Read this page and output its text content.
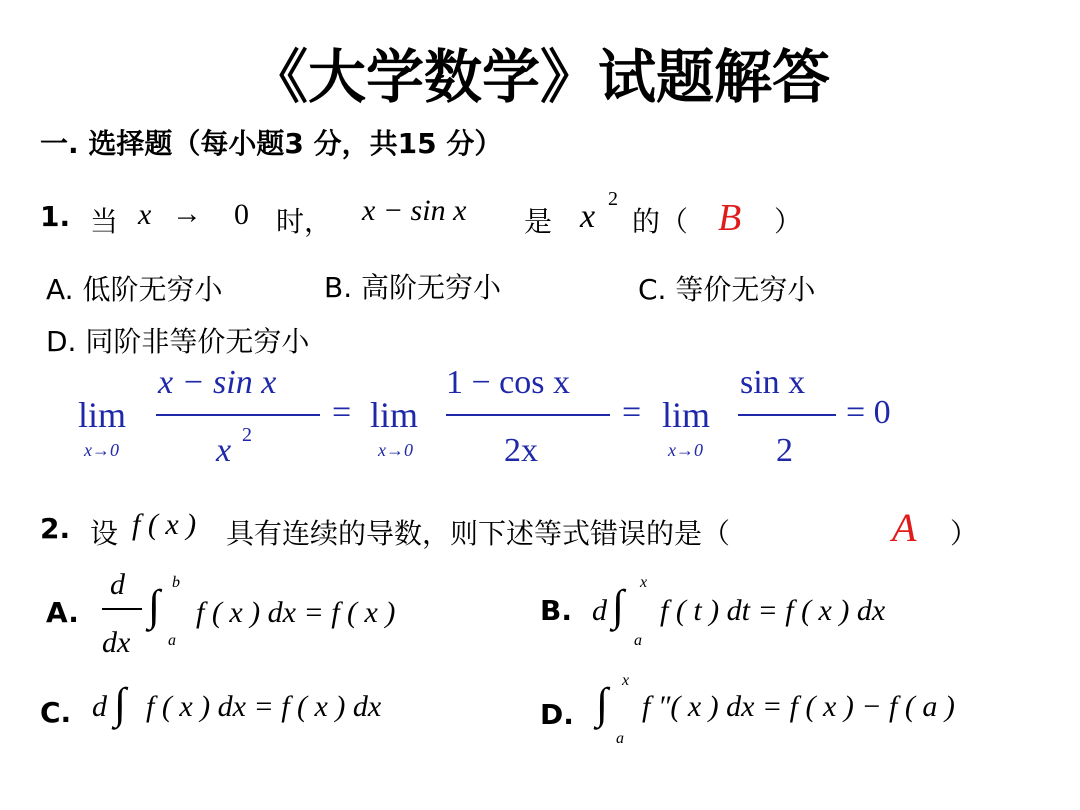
《大学数学》试题解答
一. 选择题（每小题3 分，共15 分）
1. 当 x → 0 时， x − sin x 是 x 2
的（ B ）
A. 低阶无穷小	B. 高阶无穷小	C. 等价无穷小
D. 同阶非等价无穷小
lim
x→0
x − sin x
x 2
= lim
x→0
1 − cos x
2x
= lim
x→0
sin x
2
= 0
2. 设 f ( x ) 具有连续的导数，则下述等式错误的是（	A ）
A.
d
dx
∫ b
a
f ( x ) dx = f ( x )	B. d ∫ x
a
f ( t ) dt = f ( x ) dx
C. d ∫ f ( x ) dx = f ( x ) dx	D. ∫ x
a
f ″( x ) dx = f ( x ) − f ( a )
